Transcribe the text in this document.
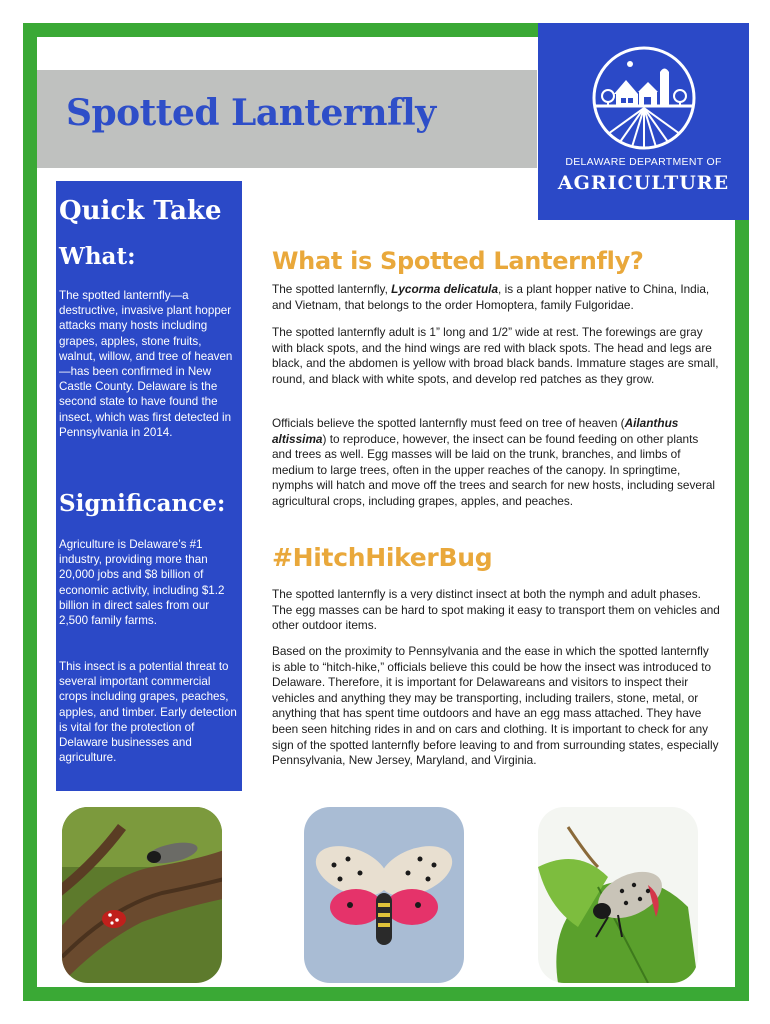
Spotted Lanternfly
DELAWARE DEPARTMENT OF
AGRICULTURE
Quick Take
What:
The spotted lanternfly—a destructive, invasive plant hopper attacks many hosts including grapes, apples, stone fruits, walnut, willow, and tree of heaven—has been confirmed in New Castle County. Delaware is the second state to have found the insect, which was first detected in Pennsylvania in 2014.
Significance:
Agriculture is Delaware’s #1 industry, providing more than 20,000 jobs and $8 billion of economic activity, including $1.2 billion in direct sales from our 2,500 family farms.
This insect is a potential threat to several important commercial crops including grapes, peaches, apples, and timber. Early detection is vital for the protection of Delaware businesses and agriculture.
What is Spotted Lanternfly?
The spotted lanternfly, Lycorma delicatula, is a plant hopper native to China, India, and Vietnam, that belongs to the order Homoptera, family Fulgoridae.
The spotted lanternfly adult is 1” long and 1/2” wide at rest. The forewings are gray with black spots, and the hind wings are red with black spots. The head and legs are black, and the abdomen is yellow with broad black bands. Immature stages are small, round, and black with white spots, and develop red patches as they grow.
Officials believe the spotted lanternfly must feed on tree of heaven (Ailanthus altissima) to reproduce, however, the insect can be found feeding on other plants and trees as well. Egg masses will be laid on the trunk, branches, and limbs of medium to large trees, often in the upper reaches of the canopy. In springtime, nymphs will hatch and move off the trees and search for new hosts, including several agricultural crops, including grapes, apples, and peaches.
#HitchHikerBug
The spotted lanternfly is a very distinct insect at both the nymph and adult phases. The egg masses can be hard to spot making it easy to transport them on vehicles and other outdoor items.
Based on the proximity to Pennsylvania and the ease in which the spotted lanternfly is able to “hitch-hike,” officials believe this could be how the insect was introduced to Delaware. Therefore, it is important for Delawareans and visitors to inspect their vehicles and anything they may be transporting, including trailers, stone, metal, or anything that has spent time outdoors and have an egg mass attached. They have been seen hitching rides in and on cars and clothing. It is important to check for any sign of the spotted lanternfly before leaving to and from surrounding states, especially Pennsylvania, New Jersey, Maryland, and Virginia.
